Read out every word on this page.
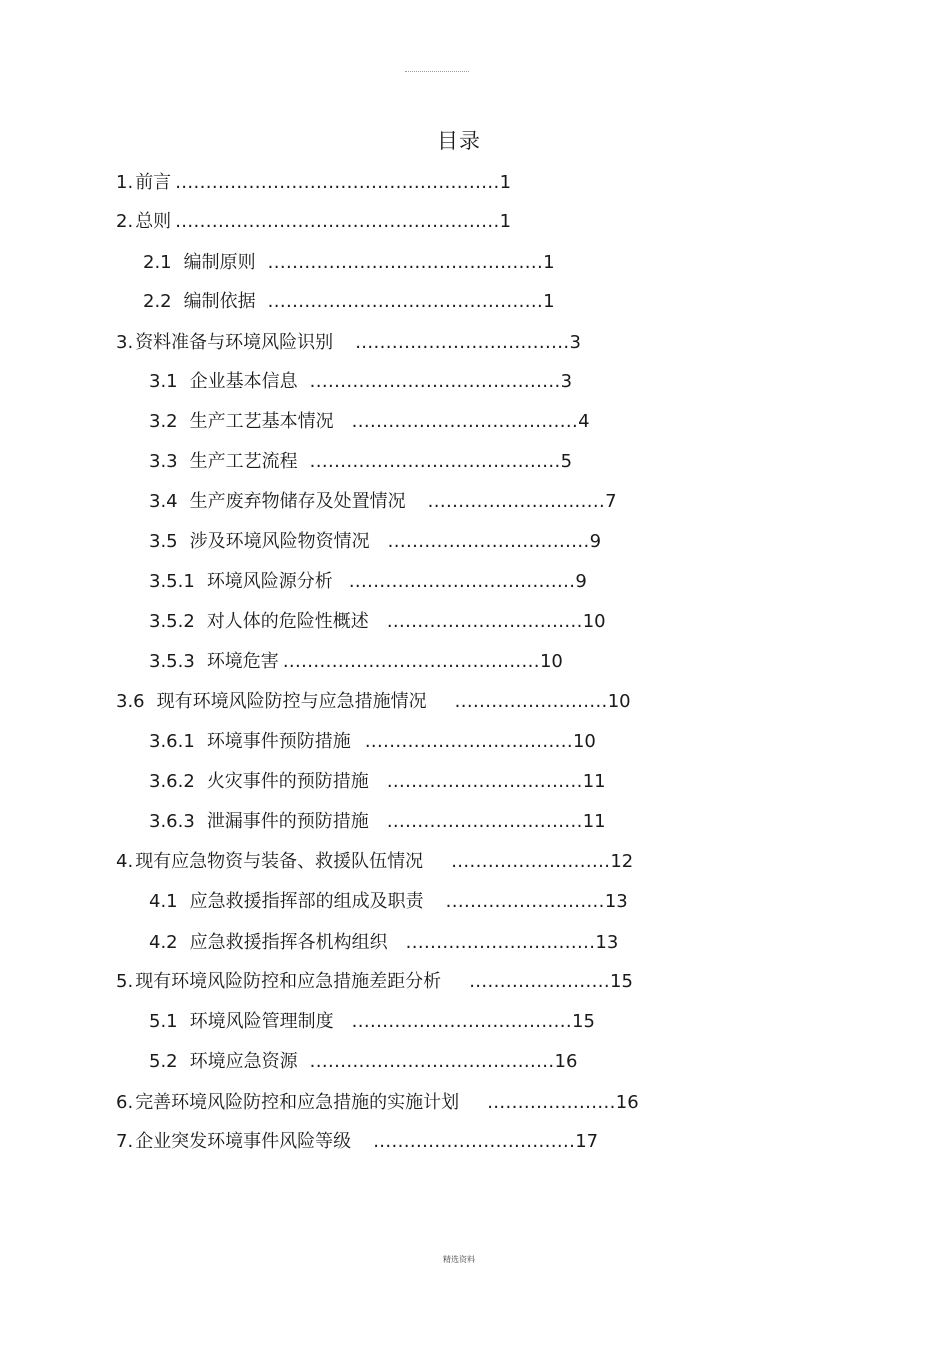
目录
1. 前言 .....................................................1
2. 总则 .....................................................1
2.1 编制原则 .............................................1
2.2 编制依据 .............................................1
3. 资料准备与环境风险识别 ...................................3
3.1 企业基本信息 .........................................3
3.2 生产工艺基本情况 .....................................4
3.3 生产工艺流程 .........................................5
3.4 生产废弃物储存及处置情况 .............................7
3.5 涉及环境风险物资情况 .................................9
3.5.1 环境风险源分析 .....................................9
3.5.2 对人体的危险性概述 ................................10
3.5.3 环境危害 ..........................................10
3.6 现有环境风险防控与应急措施情况 .........................10
3.6.1 环境事件预防措施 ..................................10
3.6.2 火灾事件的预防措施 ................................11
3.6.3 泄漏事件的预防措施 ................................11
4. 现有应急物资与装备、救援队伍情况 ..........................12
4.1 应急救援指挥部的组成及职责 ..........................13
4.2 应急救援指挥各机构组织 ...............................13
5. 现有环境风险防控和应急措施差距分析 .......................15
5.1 环境风险管理制度 ....................................15
5.2 环境应急资源 ........................................16
6. 完善环境风险防控和应急措施的实施计划 .....................16
7. 企业突发环境事件风险等级 .................................17
精选资料
